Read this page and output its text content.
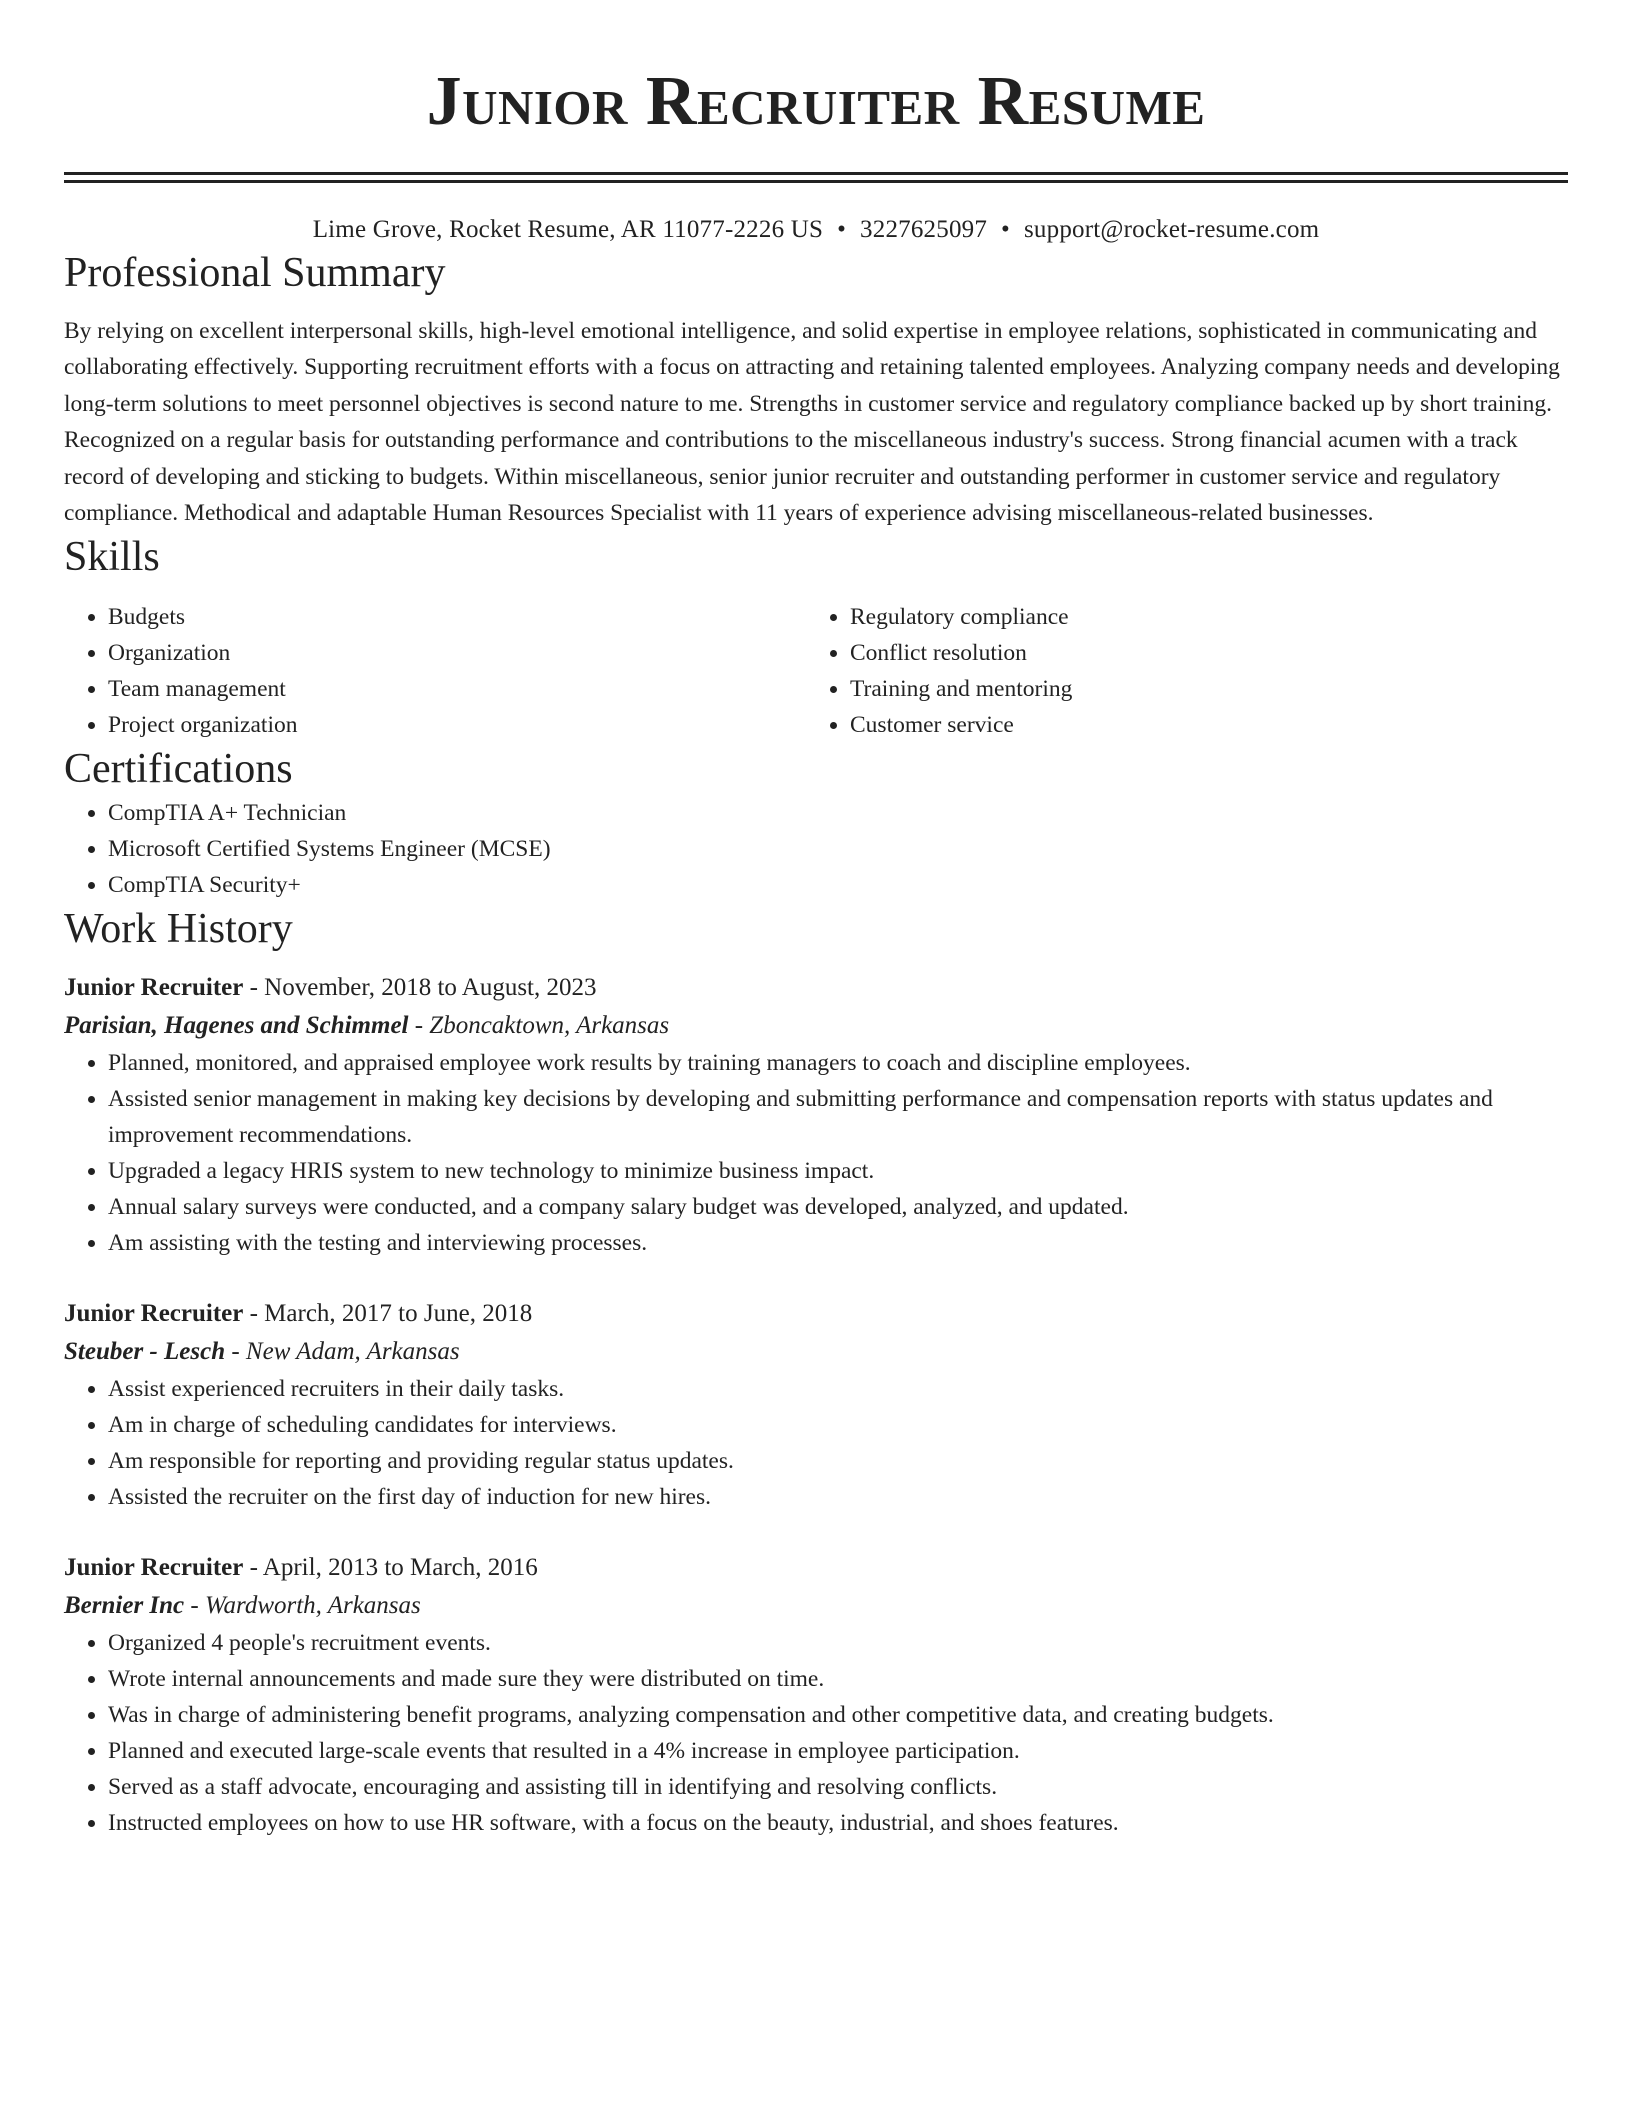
Junior Recruiter Resume
Lime Grove, Rocket Resume, AR 11077-2226 US • 3227625097 • support@rocket-resume.com
Professional Summary

By relying on excellent interpersonal skills, high-level emotional intelligence, and solid expertise in employee relations, sophisticated in communicating and collaborating effectively. Supporting recruitment efforts with a focus on attracting and retaining talented employees. Analyzing company needs and developing long-term solutions to meet personnel objectives is second nature to me. Strengths in customer service and regulatory compliance backed up by short training. Recognized on a regular basis for outstanding performance and contributions to the miscellaneous industry's success. Strong financial acumen with a track record of developing and sticking to budgets. Within miscellaneous, senior junior recruiter and outstanding performer in customer service and regulatory compliance. Methodical and adaptable Human Resources Specialist with 11 years of experience advising miscellaneous-related businesses.

Skills
• Budgets
• Organization
• Team management
• Project organization
• Regulatory compliance
• Conflict resolution
• Training and mentoring
• Customer service
Certifications
• CompTIA A+ Technician
• Microsoft Certified Systems Engineer (MCSE)
• CompTIA Security+
Work History
Junior Recruiter - November, 2018 to August, 2023
Parisian, Hagenes and Schimmel - Zboncaktown, Arkansas
• Planned, monitored, and appraised employee work results by training managers to coach and discipline employees.
• Assisted senior management in making key decisions by developing and submitting performance and compensation reports with status updates and improvement recommendations.
• Upgraded a legacy HRIS system to new technology to minimize business impact.
• Annual salary surveys were conducted, and a company salary budget was developed, analyzed, and updated.
• Am assisting with the testing and interviewing processes.
Junior Recruiter - March, 2017 to June, 2018
Steuber - Lesch - New Adam, Arkansas
• Assist experienced recruiters in their daily tasks.
• Am in charge of scheduling candidates for interviews.
• Am responsible for reporting and providing regular status updates.
• Assisted the recruiter on the first day of induction for new hires.
Junior Recruiter - April, 2013 to March, 2016
Bernier Inc - Wardworth, Arkansas
• Organized 4 people's recruitment events.
• Wrote internal announcements and made sure they were distributed on time.
• Was in charge of administering benefit programs, analyzing compensation and other competitive data, and creating budgets.
• Planned and executed large-scale events that resulted in a 4% increase in employee participation.
• Served as a staff advocate, encouraging and assisting till in identifying and resolving conflicts.
• Instructed employees on how to use HR software, with a focus on the beauty, industrial, and shoes features.
